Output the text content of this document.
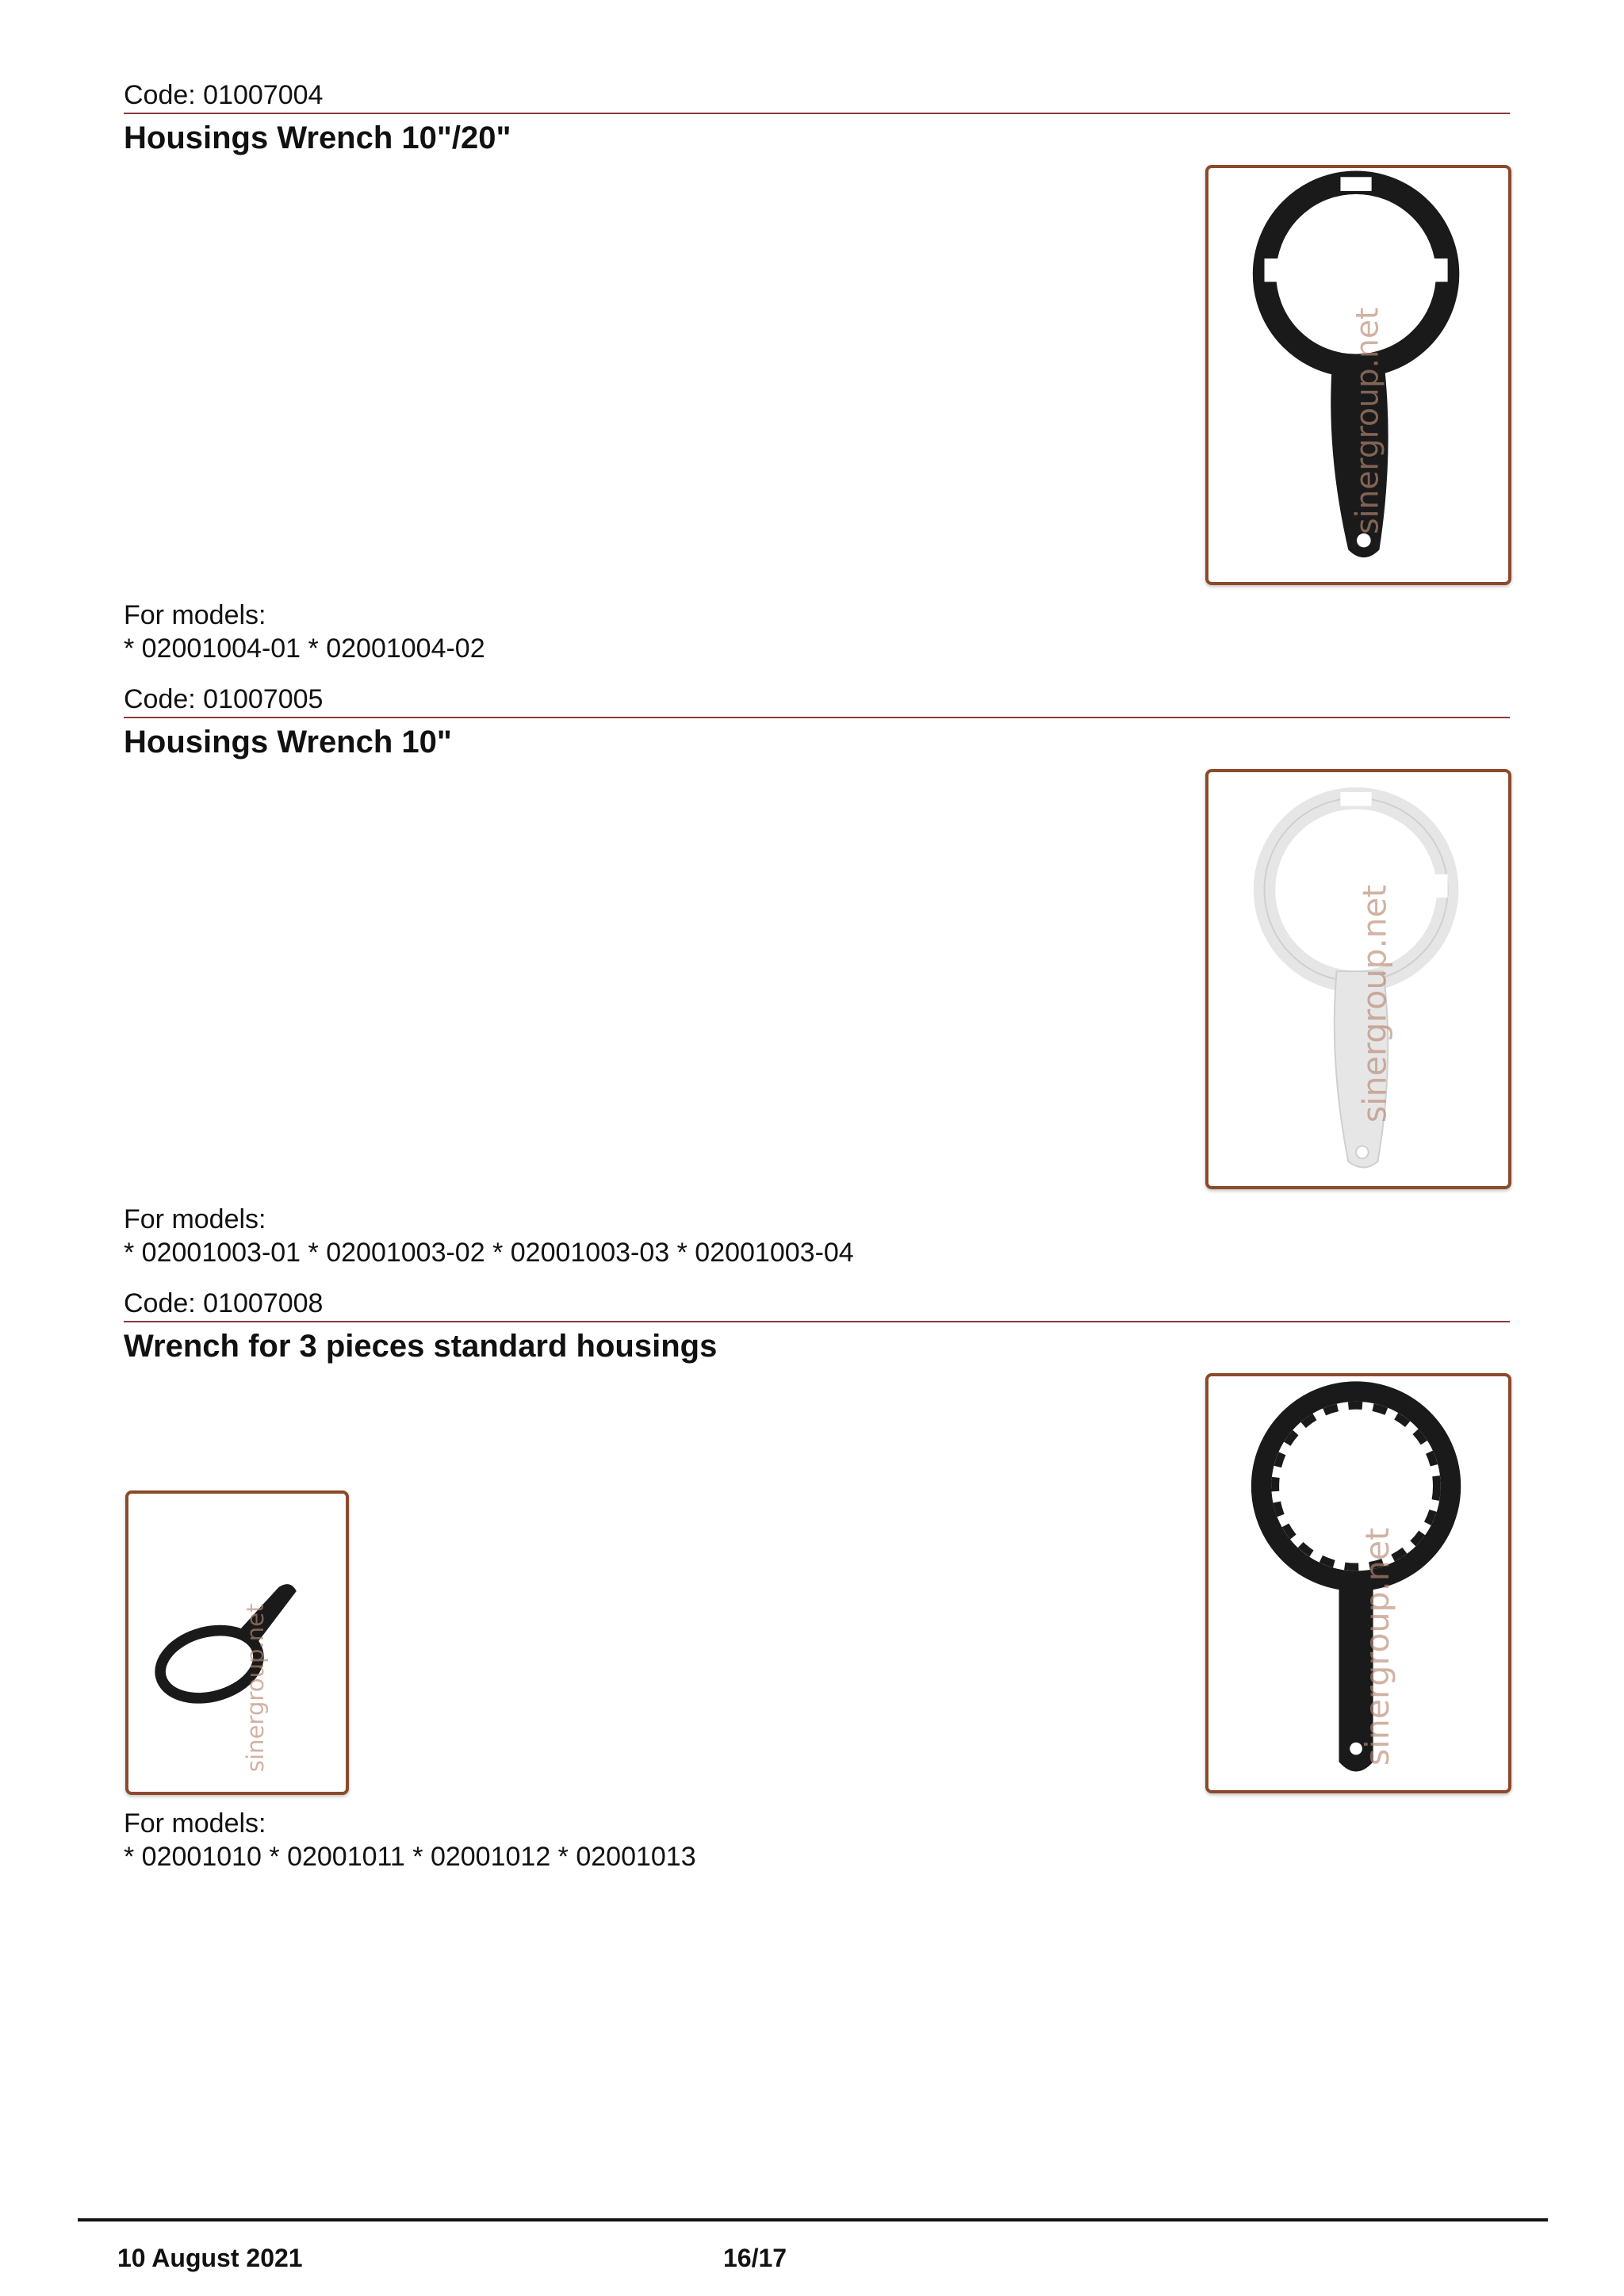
Code: 01007004
Housings Wrench 10"/20"
For models:
* 02001004-01 * 02001004-02
sinergroup.net
Code: 01007005
Housings Wrench 10"
For models:
* 02001003-01 * 02001003-02 * 02001003-03 * 02001003-04
sinergroup.net
Code: 01007008
Wrench for 3 pieces standard housings
For models:
* 02001010 * 02001011 * 02001012 * 02001013
sinergroup.net	sinergroup.net
10 August 2021	16/17
